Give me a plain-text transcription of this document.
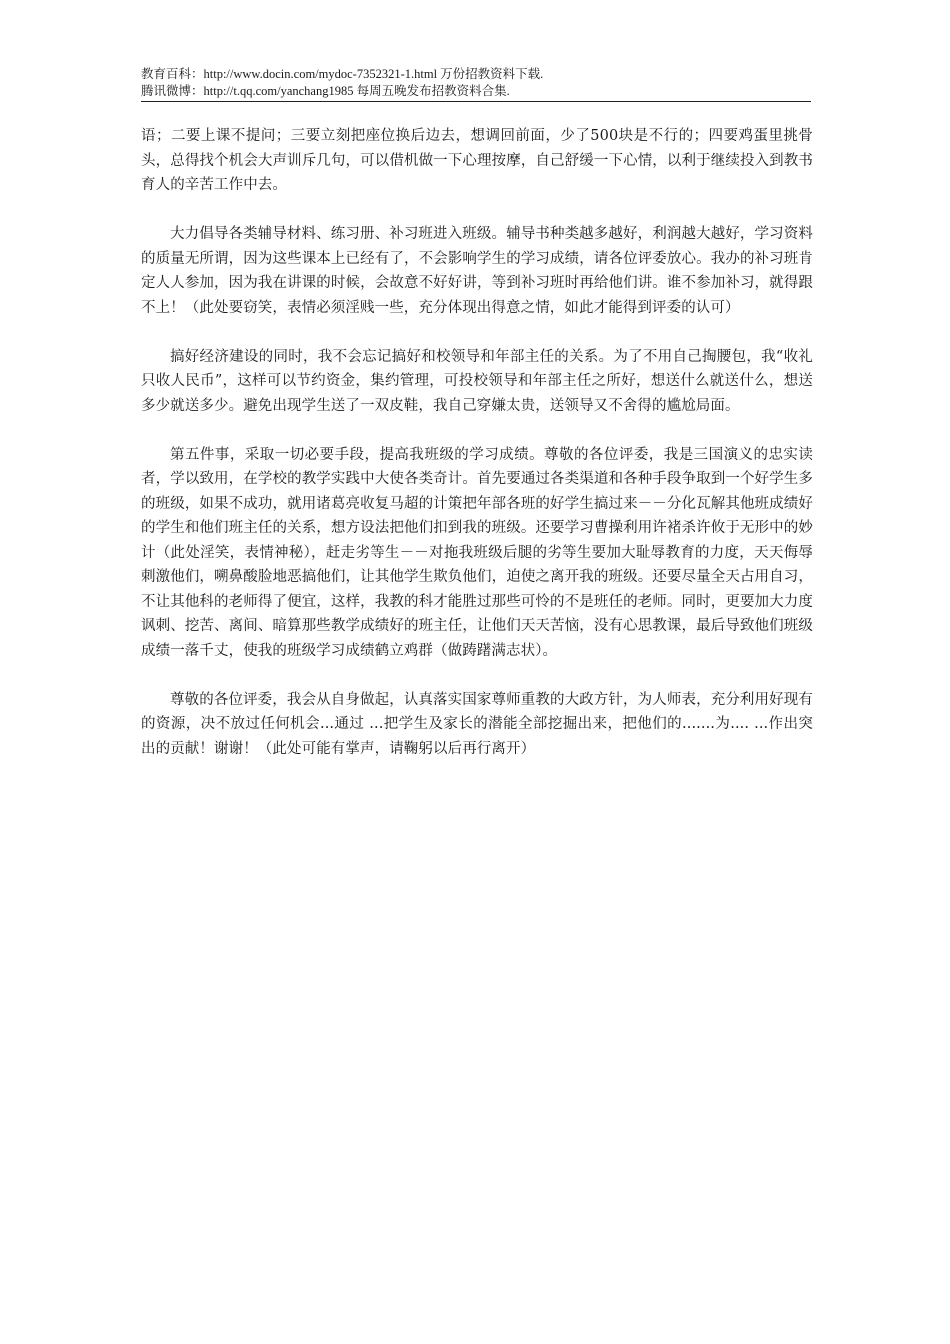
教育百科：http://www.docin.com/mydoc-7352321-1.html 万份招教资料下载.
腾讯微博：http://t.qq.com/yanchang1985 每周五晚发布招教资料合集.

语；二要上课不提问；三要立刻把座位换后边去，想调回前面，少了500块是不行的；四要鸡蛋里挑骨头，总得找个机会大声训斥几句，可以借机做一下心理按摩，自己舒缓一下心情，以利于继续投入到教书育人的辛苦工作中去。

大力倡导各类辅导材料、练习册、补习班进入班级。辅导书种类越多越好，利润越大越好，学习资料的质量无所谓，因为这些课本上已经有了，不会影响学生的学习成绩，请各位评委放心。我办的补习班肯定人人参加，因为我在讲课的时候，会故意不好好讲，等到补习班时再给他们讲。谁不参加补习，就得跟不上！（此处要窃笑，表情必须淫贱一些，充分体现出得意之情，如此才能得到评委的认可）

搞好经济建设的同时，我不会忘记搞好和校领导和年部主任的关系。为了不用自己掏腰包，我“收礼只收人民币”，这样可以节约资金，集约管理，可投校领导和年部主任之所好，想送什么就送什么，想送多少就送多少。避免出现学生送了一双皮鞋，我自己穿嫌太贵，送领导又不舍得的尴尬局面。

第五件事，采取一切必要手段，提高我班级的学习成绩。尊敬的各位评委，我是三国演义的忠实读者，学以致用，在学校的教学实践中大使各类奇计。首先要通过各类渠道和各种手段争取到一个好学生多的班级，如果不成功，就用诸葛亮收复马超的计策把年部各班的好学生搞过来－－分化瓦解其他班成绩好的学生和他们班主任的关系，想方设法把他们扣到我的班级。还要学习曹操利用许褚杀许攸于无形中的妙计（此处淫笑，表情神秘），赶走劣等生－－对拖我班级后腿的劣等生要加大耻辱教育的力度，天天侮辱刺激他们，嗍鼻酸脸地恶搞他们，让其他学生欺负他们，迫使之离开我的班级。还要尽量全天占用自习，不让其他科的老师得了便宜，这样，我教的科才能胜过那些可怜的不是班任的老师。同时，更要加大力度讽刺、挖苦、离间、暗算那些教学成绩好的班主任，让他们天天苦恼，没有心思教课，最后导致他们班级成绩一落千丈，使我的班级学习成绩鹤立鸡群（做踌躇满志状）。

尊敬的各位评委，我会从自身做起，认真落实国家尊师重教的大政方针，为人师表，充分利用好现有的资源，决不放过任何机会...通过 ...把学生及家长的潜能全部挖掘出来，把他们的.......为.... ...作出突出的贡献！谢谢！（此处可能有掌声，请鞠躬以后再行离开）
